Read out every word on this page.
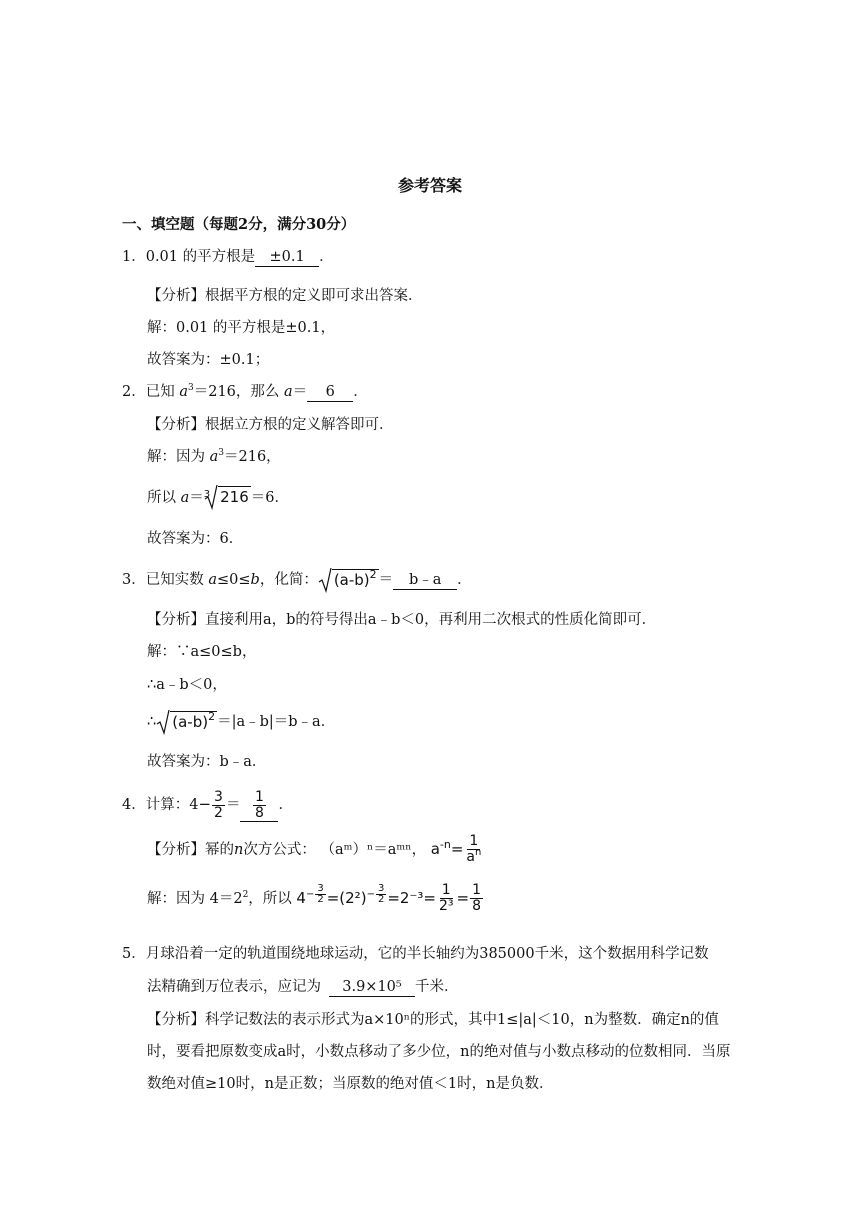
参考答案
一、填空题（每题2分，满分30分）
1．0.01 的平方根是 ±0.1 ．
【分析】根据平方根的定义即可求出答案．
解：0.01 的平方根是±0.1，
故答案为：±0.1；
2．已知 $a^3=216$，那么 a＝ 6 ．
【分析】根据立方根的定义解答即可．
解：因为 $a^3=216$，
所以 a＝ 3 216 ＝6．
故答案为：6．
3．已知实数 a≤0≤b，化简： $(a-b)^2$ ＝ b﹣a ．
【分析】直接利用a，b的符号得出a﹣b＜0，再利用二次根式的性质化简即可．
解：∵a≤0≤b，
∴a﹣b＜0，
∴ $(a-b)^2$ ＝|a﹣b|＝b﹣a．
故答案为：b﹣a．
4．计算：$4- \frac{3}{2} = \frac{1}{8}$ ．
【分析】幂的n次方公式： （aᵐ）ⁿ＝aᵐⁿ， $a^{-n}= \frac{1}{a^n}$
解：因为 $4=2^2$，所以 $4^{- \frac{3}{2}} =(2^2)^{- \frac{3}{2}} =2^{-3}= \frac{1}{\text{2³}} = \frac{1}{8}$
5．月球沿着一定的轨道围绕地球运动，它的半长轴约为385000千米，这个数据用科学记数
法精确到万位表示，应记为 3.9×10⁵ 千米．
【分析】科学记数法的表示形式为a×10ⁿ的形式，其中1≤|a|＜10，n为整数．确定n的值时，要看把原数变成a时，小数点移动了多少位，n的绝对值与小数点移动的位数相同．当原数绝对值≥10时，n是正数；当原数的绝对值＜1时，n是负数．
